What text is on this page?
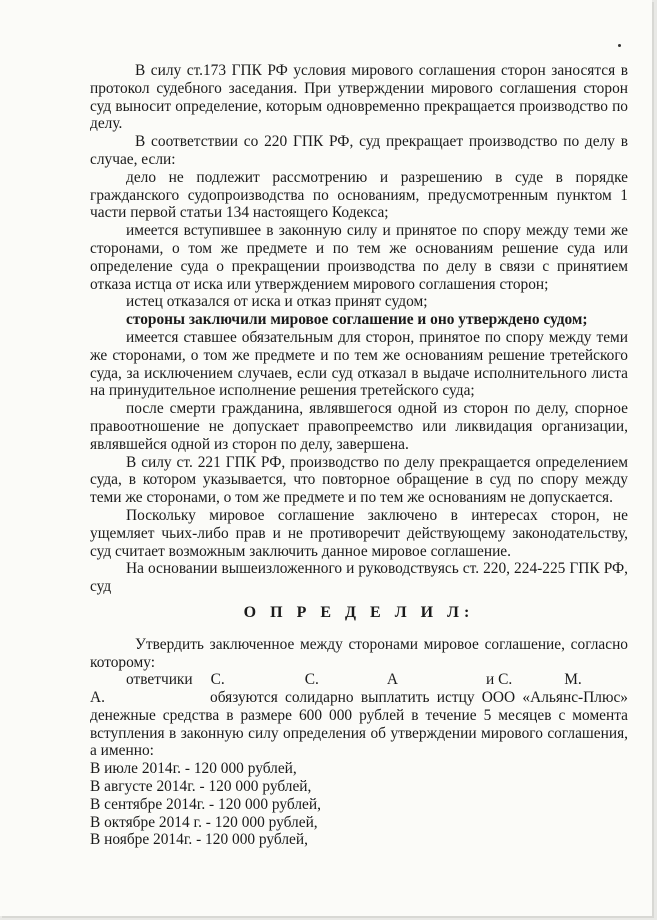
В силу ст.173 ГПК РФ условия мирового соглашения сторон заносятся в протокол судебного заседания. При утверждении мирового соглашения сторон суд выносит определение, которым одновременно прекращается производство по делу.

В соответствии со 220 ГПК РФ, суд прекращает производство по делу в случае, если:

дело не подлежит рассмотрению и разрешению в суде в порядке гражданского судопроизводства по основаниям, предусмотренным пунктом 1 части первой статьи 134 настоящего Кодекса;

имеется вступившее в законную силу и принятое по спору между теми же сторонами, о том же предмете и по тем же основаниям решение суда или определение суда о прекращении производства по делу в связи с принятием отказа истца от иска или утверждением мирового соглашения сторон;

истец отказался от иска и отказ принят судом;

стороны заключили мировое соглашение и оно утверждено судом;

имеется ставшее обязательным для сторон, принятое по спору между теми же сторонами, о том же предмете и по тем же основаниям решение третейского суда, за исключением случаев, если суд отказал в выдаче исполнительного листа на принудительное исполнение решения третейского суда;

после смерти гражданина, являвшегося одной из сторон по делу, спорное правоотношение не допускает правопреемство или ликвидация организации, являвшейся одной из сторон по делу, завершена.

В силу ст. 221 ГПК РФ, производство по делу прекращается определением суда, в котором указывается, что повторное обращение в суд по спору между теми же сторонами, о том же предмете и по тем же основаниям не допускается.

Поскольку мировое соглашение заключено в интересах сторон, не ущемляет чьих-либо прав и не противоречит действующему законодательству, суд считает возможным заключить данное мировое соглашение.

На основании вышеизложенного и руководствуясь ст. 220, 224-225 ГПК РФ, суд

О П Р Е Д Е Л И Л:

Утвердить заключенное между сторонами мировое соглашение, согласно которому:

ответчики С.	С.	А	и С.	М.
А.	обязуются солидарно выплатить истцу ООО «Альянс-Плюс» денежные средства в размере 600 000 рублей в течение 5 месяцев с момента вступления в законную силу определения об утверждении мирового соглашения, а именно:

В июле 2014г. - 120 000 рублей,
В августе 2014г. - 120 000 рублей,
В сентябре 2014г. - 120 000 рублей,
В октябре 2014 г. - 120 000 рублей,
В ноябре 2014г. - 120 000 рублей,
